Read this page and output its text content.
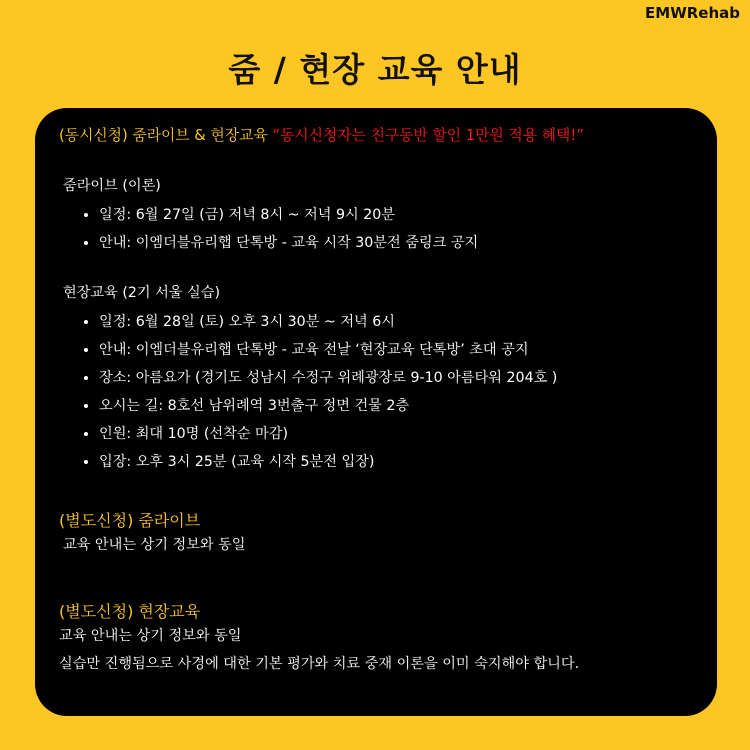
EMWRehab
줌 / 현장 교육 안내
(동시신청) 줌라이브 & 현장교육 “동시신청자는 친구동반 할인 1만원 적용 혜택!”
줌라이브 (이론)
• 일정: 6월 27일 (금) 저녁 8시 ~ 저녁 9시 20분
• 안내: 이엠더블유리햅 단톡방 - 교육 시작 30분전 줌링크 공지
현장교육 (2기 서울 실습)
• 일정: 6월 28일 (토) 오후 3시 30분 ~ 저녁 6시
• 안내: 이엠더블유리햅 단톡방 - 교육 전날 ‘현장교육 단톡방’ 초대 공지
• 장소: 아름요가 (경기도 성남시 수정구 위례광장로 9-10 아름타워 204호 )
• 오시는 길: 8호선 남위례역 3번출구 정면 건물 2층
• 인원: 최대 10명 (선착순 마감)
• 입장: 오후 3시 25분 (교육 시작 5분전 입장)
(별도신청) 줌라이브
교육 안내는 상기 정보와 동일
(별도신청) 현장교육
교육 안내는 상기 정보와 동일
실습만 진행됨으로 사경에 대한 기본 평가와 치료 중재 이론을 이미 숙지해야 합니다.
